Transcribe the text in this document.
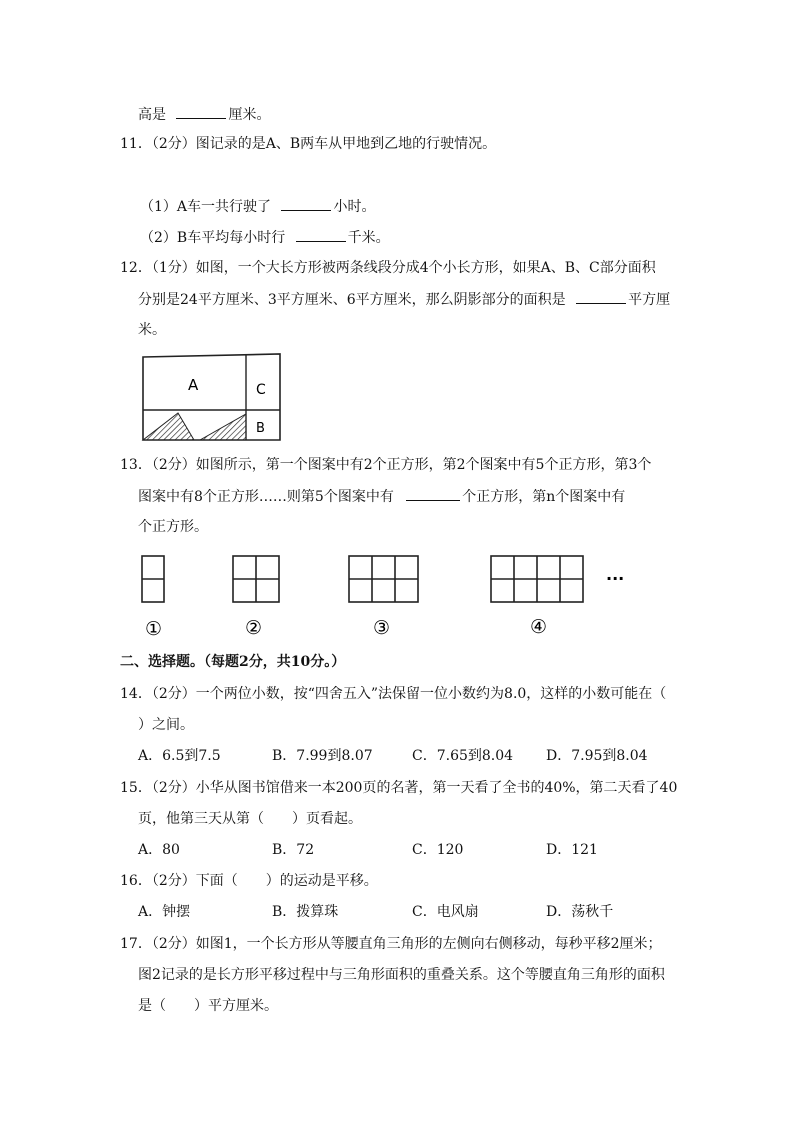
高是	厘米。
11．（2分）图记录的是A、B两车从甲地到乙地的行驶情况。
（1）A车一共行驶了	小时。
（2）B车平均每小时行	千米。
12．（1分）如图，一个大长方形被两条线段分成4个小长方形，如果A、B、C部分面积
分别是24平方厘米、3平方厘米、6平方厘米，那么阴影部分的面积是	平方厘
米。
A	C
B
13．（2分）如图所示，第一个图案中有2个正方形，第2个图案中有5个正方形，第3个
图案中有8个正方形……则第5个图案中有	个正方形，第n个图案中有
个正方形。
···
①	②	③	④
二、选择题。（每题2分，共10分。）
14．（2分）一个两位小数，按“四舍五入”法保留一位小数约为8.0，这样的小数可能在（
）之间。
A．6.5到7.5	B．7.99到8.07	C．7.65到8.04 D．7.95到8.04
15．（2分）小华从图书馆借来一本200页的名著，第一天看了全书的40%，第二天看了40
页，他第三天从第（　　）页看起。
A．80	B．72	C．120	D．121
16．（2分）下面（　　）的运动是平移。
A．钟摆	B．拨算珠	C．电风扇	D．荡秋千
17．（2分）如图1，一个长方形从等腰直角三角形的左侧向右侧移动，每秒平移2厘米；
图2记录的是长方形平移过程中与三角形面积的重叠关系。这个等腰直角三角形的面积
是（　　）平方厘米。
